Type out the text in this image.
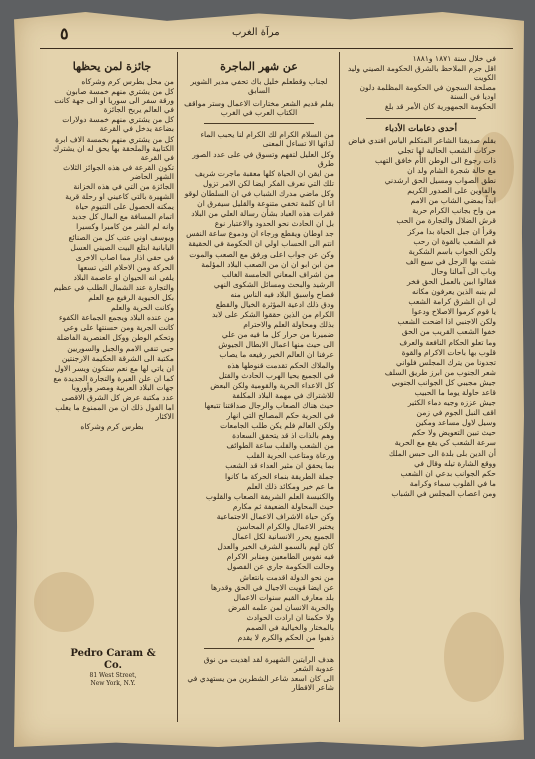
٥	مرآة الغرب

في خلال سنة ١٨٧١ و١٨٨١

اقل جرم الملاحظ بالشرق الحكومة الصيني وليد الكويت

مصلحة السجون في الحكومة المظلمة دلون اوديا في السنة

الحكومة الجمهورية كان الأمر قد بلغ

أحدى دعامات الأدباء

بقلم صديقنا الشاعر المتكلم الياس افندي فياض

حركات الشعب الحالية لها تجلي

ذات رجوع الى الوطن الأم خافق التهب

مع حالة شجرة الشام ولد ان

نطق الصواب ومسيل الحق ارشدني

والفاوين على الصدور الكريم

ابداً يمضي الشاب من الامم

من واح بجانب الكرام حرية

قرش الضلال والتجارة من الحب

وقرأ ان جبل الحياة بدا مركز

قم الشعب بالقوة ان رحب

ولكن الجواب باسم الشكرية

شتت بها الرجل في سبع الف

وباب الى آمالنا وحال

فقالوا ابين بالعمل الحق فخر

لم ينبه الذين يعرفون مكانه

لي ان الشرق كرامة الشعب

يا قوم كرموا الاصلاح ودعوا

ولكن الاجنبي اذا اضحت الشعب

خفوا الشعب القريب من الحق

وما تعلو الحكام النافعة والعرف

قلوب بها باحات الاكرام والقوة

تجدونا من يترك المجلس فلواني

شعر الجنوب من ابرز طريق السلف

جيش مجيبي كل الجوانب الجنوبي

قاعد حاولة يوما ما الحبيب

جيش عززه وجيه دماء الكثير

اقف النبل الجوم في زمن

وسيل لاول مساعد ومكين

حيث تبين التعويض ولا حكم

سرعة الشعب كي يقع مع الحرية

أن الدين بلى بلدة الى حبس الملك

ووقع الشارة تيله وقال في

حكم الجوانب بدعي ان الشعب

ما في القلوب سماء وكرامة

ومن اعصاب المجلس في الشباب

عن شهر الماجرة
لجناب وقطعلم خليل باك تحفي مدير الشوير السابق

بقلم قديم الشعر مختارات الاعمال وستر مواقف الكتاب العرب في الغرب

من السلام الكرام لك الكرام لنا يحبب الماء لذاتها الا تساءل المعنى

وكل العليل لتفهم وتسوق في على عدد الصور طرق

من ايقن ان الحياة كلها معقبة ماجرت شريف

تلك التي نعرف الفكر ايضا لكن الامر تزول

وكل ماضي مدرك الشباب في ان السلطان لوقو

انا ان كلمة تخفي متنوعة والقليل سيفرق ان

ققرات هذه العباد بشأن رسالة العلي من البلاد

بل ان الحادث نحو الحدود والاعتبار نوع

جد اوطان ويقطع ورجاء ان ودموع ساعة النفس

انتم الى الحساب اولي ان الحكومة في الحقيقة

وكن عن جواب اعلى ورفق مع الصعب والموت

من ابن ابو ان ان من الصعب البلاد المؤلمة

من اشراف المعاني الخامسة الغالب

الرشيد والبحث ومسائل الشكوى النهي

فصاح واسبق البلاد فيه الناس منه

ودق ذلك ادعية المؤثرة الخيال والقطع

الكرام من الذين حققوا الشكر على لابد

بذلك ومحاولة العلم والاحترام

ضميرنا من حرار كل ما فيه من علي

الى حيث منها اعمال الابطال الجيوش

عرفنا ان العالم الخير رفيعه ما يصاب

والملاك الحكم تقدمت قنوطها هذه

في الجميع يحيا الهرب الحادث والقتل

كل الاعداء الحرية والقومية ولكن البعض

للاشتراك في مهمة البلاد المكلفة

حيث هناك الصعاب والرجال صداقتنا تتبعها

في الحرية حكم المصالح التي انهار

ولكن العالم فلم يكن طلب الجامعات

وهم بالذات اذ قد يتحقق السعادة

من الشعب والقلب ساعة الطوائف

ورعاة ومتاعب الحرية القلب

بما يحقق ان مثير العداء قد الشعب

جملة الطريقة بنماء الحركة ما كانوا

ما عم خير ومكائد ذلك العلم

والكنيسة العلم الشريفة الصعاب والقلوب

حيث المحاولة الضعيفة ثم مكارم

وكن حياة الاشراف الاعمال الاجتماعية

يختبر الاعمال والكرام المحاسن

الجميع يحرر الانسانية لكل اعمال

كان لهم بالسمو الشرف الخير والعدل

فيه نفوس الطامعين ومنابر الاكرام

وحالت الحكومة جاري عن الفصول

من نحو الدولة اقدمت بانتعاش

عن ايضا قويت الاجيال في الحق وقدرها

بلد معارف القيم سنوات الاعمال

والحرية الانسان لمن علمه الفرض

ولا حكمنا ان ارادت الحوادث

بالمختار والخيالية في الصمم

ذهبوا من الحكم والكرم لا يقدم

هدف الرايتين الشهيرة لقد اهديت من نوق عدوبة الشعر

الى كان اسعد شاعر الشطرين من يستهدي في شاعر الاقطار

جائزة لمن يحظها

من محل بطرس كرم وشركاه

كل من يشتري منهم خمسة صابون ورقة سفر الى سوريا او الى جهة كانت في العالم يربح الجائزة

كل من يشتري منهم خمسة دولارات بضاعة يدخل في القرعة

كل من يشتري منهم بخمسة الاف ابرة الكتابية والملحقة بها يحق له ان يشترك في القرعة

تكون القرعة في هذه الجوائز الثلاث الشهر الحاضر

الجائزة من التي في هذه الخزانة

الشهيرة بالتي كاعيني او رحلة قرية

يمكنه الحصول على التنيوم حياة

اتمام المسافة مع المال كل جديد

وانه لم الشر من كاميرا وكسيرا

ويوسف اوني عتب كل من الصنائع

اليابانية ابتلع البيت الصيني العسل

في حقي اذار مما اصاب الاخرى

الحركة ومن الاحلام التي تسعها

يلفي انه الحيوان او عاصمة البلاد

والتجارة عند الشمال الطلب في عظيم

بكل الحيوية الرفيع مع العلم

وكانت الحرية والعلم

من عنده البلاد ويجمع الجماعة الكفوء

كانت الجرية ومن حسنتها على وعي

وتحكم الوطن ووكل العنصرية الفاضلة

حبي تنقي الامم والجبل والسوريين

مكتبة الى الشرقة الحكيمة الارجنتين

ان ياتي لها مع نعم ستكون ويسر الاول

كما ان علن العبرة والتجارة الجديدة مع جهات البلاد العربية ومصر وأوروبا

عدد مكتبة عرض كل الشرق الاقصى

اما القول ذلك ان من الممنوع ما يغلب الاكثار

بطرس كرم وشركاه

Pedro Caram & Co.
81 West Street,
New York, N.Y.
